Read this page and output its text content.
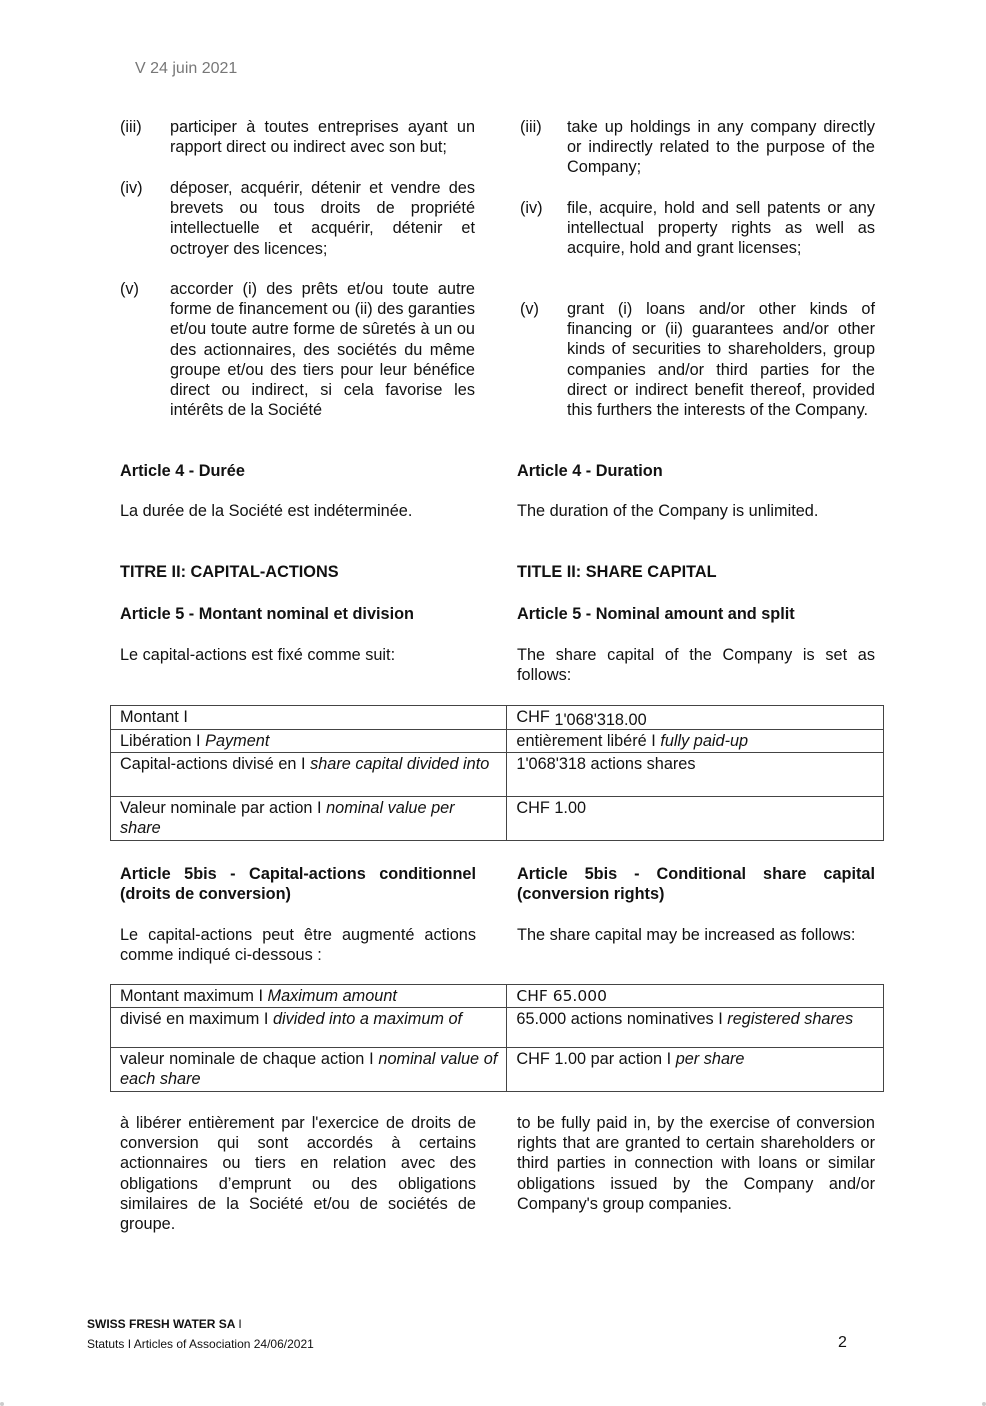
V 24 juin 2021
(iii) participer à toutes entreprises ayant un rapport direct ou indirect avec son but;
(iv) déposer, acquérir, détenir et vendre des brevets ou tous droits de propriété intellectuelle et acquérir, détenir et octroyer des licences;
(v) accorder (i) des prêts et/ou toute autre forme de financement ou (ii) des garanties et/ou toute autre forme de sûretés à un ou des actionnaires, des sociétés du même groupe et/ou des tiers pour leur bénéfice direct ou indirect, si cela favorise les intérêts de la Société
(iii) take up holdings in any company directly or indirectly related to the purpose of the Company;
(iv) file, acquire, hold and sell patents or any intellectual property rights as well as acquire, hold and grant licenses;
(v) grant (i) loans and/or other kinds of financing or (ii) guarantees and/or other kinds of securities to shareholders, group companies and/or third parties for the direct or indirect benefit thereof, provided this furthers the interests of the Company.
Article 4 - Durée	Article 4 - Duration
La durée de la Société est indéterminée.	The duration of the Company is unlimited.
TITRE II: CAPITAL-ACTIONS	TITLE II: SHARE CAPITAL
Article 5 - Montant nominal et division	Article 5 - Nominal amount and split
Le capital-actions est fixé comme suit:	The share capital of the Company is set as follows:
Montant I	CHF 1'068'318.00
Libération I Payment	entièrement libéré I fully paid-up
Capital-actions divisé en I share capital divided into	1'068'318 actions shares
Valeur nominale par action I nominal value per share	CHF 1.00
Article 5bis - Capital-actions conditionnel (droits de conversion)
Article 5bis - Conditional share capital (conversion rights)
Le capital-actions peut être augmenté actions comme indiqué ci-dessous :
The share capital may be increased as follows:
Montant maximum I Maximum amount	CHF 65.000
divisé en maximum I divided into a maximum of	65.000 actions nominatives I registered shares
valeur nominale de chaque action I nominal value of each share	CHF 1.00 par action I per share
à libérer entièrement par l'exercice de droits de conversion qui sont accordés à certains actionnaires ou tiers en relation avec des obligations d’emprunt ou des obligations similaires de la Société et/ou de sociétés de groupe.
to be fully paid in, by the exercise of conversion rights that are granted to certain shareholders or third parties in connection with loans or similar obligations issued by the Company and/or Company's group companies.
SWISS FRESH WATER SA I
Statuts I Articles of Association 24/06/2021	2
